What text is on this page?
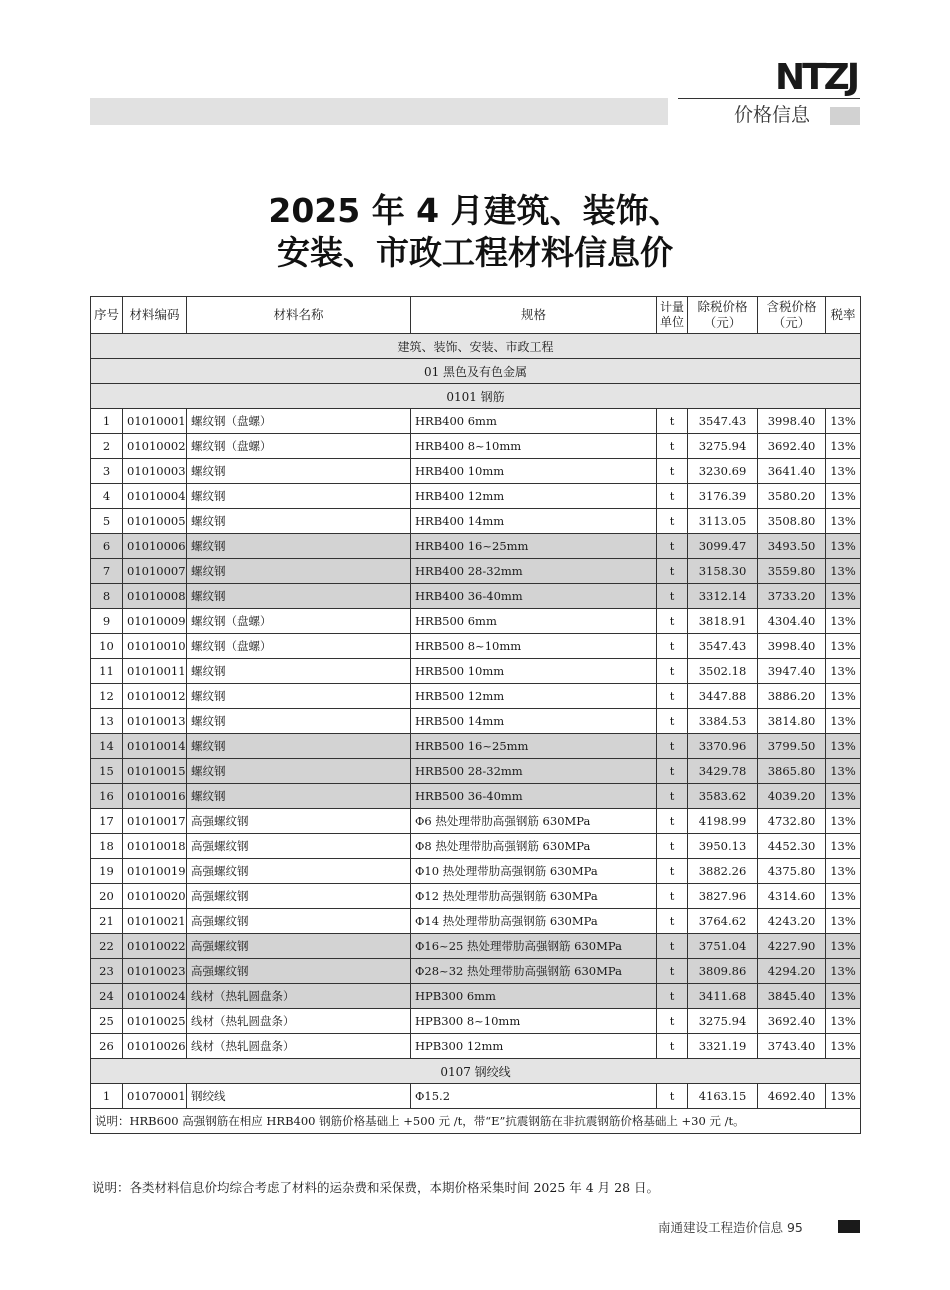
NTZJ
价格信息
2025 年 4 月建筑、装饰、
安装、市政工程材料信息价
序号	材料编码	材料名称	规格	计量单位	除税价格（元）	含税价格（元）	税率
建筑、装饰、安装、市政工程							
01 黑色及有色金属							
0101 钢筋							
1	01010001	螺纹钢（盘螺）	HRB400 6mm	t	3547.43	3998.40	13%
2	01010002	螺纹钢（盘螺）	HRB400 8~10mm	t	3275.94	3692.40	13%
3	01010003	螺纹钢	HRB400 10mm	t	3230.69	3641.40	13%
4	01010004	螺纹钢	HRB400 12mm	t	3176.39	3580.20	13%
5	01010005	螺纹钢	HRB400 14mm	t	3113.05	3508.80	13%
6	01010006	螺纹钢	HRB400 16~25mm	t	3099.47	3493.50	13%
7	01010007	螺纹钢	HRB400 28-32mm	t	3158.30	3559.80	13%
8	01010008	螺纹钢	HRB400 36-40mm	t	3312.14	3733.20	13%
9	01010009	螺纹钢（盘螺）	HRB500 6mm	t	3818.91	4304.40	13%
10	01010010	螺纹钢（盘螺）	HRB500 8~10mm	t	3547.43	3998.40	13%
11	01010011	螺纹钢	HRB500 10mm	t	3502.18	3947.40	13%
12	01010012	螺纹钢	HRB500 12mm	t	3447.88	3886.20	13%
13	01010013	螺纹钢	HRB500 14mm	t	3384.53	3814.80	13%
14	01010014	螺纹钢	HRB500 16~25mm	t	3370.96	3799.50	13%
15	01010015	螺纹钢	HRB500 28-32mm	t	3429.78	3865.80	13%
16	01010016	螺纹钢	HRB500 36-40mm	t	3583.62	4039.20	13%
17	01010017	高强螺纹钢	Φ6 热处理带肋高强钢筋 630MPa	t	4198.99	4732.80	13%
18	01010018	高强螺纹钢	Φ8 热处理带肋高强钢筋 630MPa	t	3950.13	4452.30	13%
19	01010019	高强螺纹钢	Φ10 热处理带肋高强钢筋 630MPa	t	3882.26	4375.80	13%
20	01010020	高强螺纹钢	Φ12 热处理带肋高强钢筋 630MPa	t	3827.96	4314.60	13%
21	01010021	高强螺纹钢	Φ14 热处理带肋高强钢筋 630MPa	t	3764.62	4243.20	13%
22	01010022	高强螺纹钢	Φ16~25 热处理带肋高强钢筋 630MPa	t	3751.04	4227.90	13%
23	01010023	高强螺纹钢	Φ28~32 热处理带肋高强钢筋 630MPa	t	3809.86	4294.20	13%
24	01010024	线材（热轧圆盘条）	HPB300 6mm	t	3411.68	3845.40	13%
25	01010025	线材（热轧圆盘条）	HPB300 8~10mm	t	3275.94	3692.40	13%
26	01010026	线材（热轧圆盘条）	HPB300 12mm	t	3321.19	3743.40	13%
0107 钢绞线							
1	01070001	钢绞线	Φ15.2	t	4163.15	4692.40	13%
说明：HRB600 高强钢筋在相应 HRB400 钢筋价格基础上 +500 元 /t，带“E”抗震钢筋在非抗震钢筋价格基础上 +30 元 /t。							
说明：各类材料信息价均综合考虑了材料的运杂费和采保费，本期价格采集时间 2025 年 4 月 28 日。
南通建设工程造价信息 95
